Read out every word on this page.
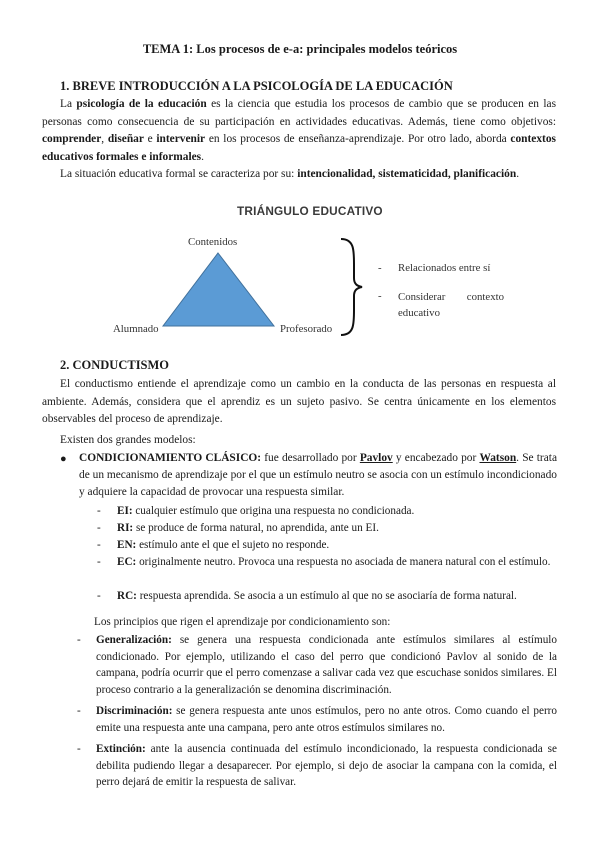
TEMA 1: Los procesos de e-a: principales modelos teóricos
1. BREVE INTRODUCCIÓN A LA PSICOLOGÍA DE LA EDUCACIÓN
La psicología de la educación es la ciencia que estudia los procesos de cambio que se producen en las personas como consecuencia de su participación en actividades educativas. Además, tiene como objetivos: comprender, diseñar e intervenir en los procesos de enseñanza-aprendizaje. Por otro lado, aborda contextos educativos formales e informales.
La situación educativa formal se caracteriza por su: intencionalidad, sistematicidad, planificación.
TRIÁNGULO EDUCATIVO
Contenidos
Alumnado	Profesorado
- Relacionados entre sí
- Considerar contexto educativo
2. CONDUCTISMO
El conductismo entiende el aprendizaje como un cambio en la conducta de las personas en respuesta al ambiente. Además, considera que el aprendiz es un sujeto pasivo. Se centra únicamente en los elementos observables del proceso de aprendizaje.
Existen dos grandes modelos:
● CONDICIONAMIENTO CLÁSICO: fue desarrollado por Pavlov y encabezado por Watson. Se trata de un mecanismo de aprendizaje por el que un estímulo neutro se asocia con un estímulo incondicionado y adquiere la capacidad de provocar una respuesta similar.
- EI: cualquier estímulo que origina una respuesta no condicionada.
- RI: se produce de forma natural, no aprendida, ante un EI.
- EN: estímulo ante el que el sujeto no responde.
- EC: originalmente neutro. Provoca una respuesta no asociada de manera natural con el estímulo.
- RC: respuesta aprendida. Se asocia a un estímulo al que no se asociaría de forma natural.
Los principios que rigen el aprendizaje por condicionamiento son:
- Generalización: se genera una respuesta condicionada ante estímulos similares al estímulo condicionado. Por ejemplo, utilizando el caso del perro que condicionó Pavlov al sonido de la campana, podría ocurrir que el perro comenzase a salivar cada vez que escuchase sonidos similares. El proceso contrario a la generalización se denomina discriminación.
- Discriminación: se genera respuesta ante unos estímulos, pero no ante otros. Como cuando el perro emite una respuesta ante una campana, pero ante otros estímulos similares no.
- Extinción: ante la ausencia continuada del estímulo incondicionado, la respuesta condicionada se debilita pudiendo llegar a desaparecer. Por ejemplo, si dejo de asociar la campana con la comida, el perro dejará de emitir la respuesta de salivar.
